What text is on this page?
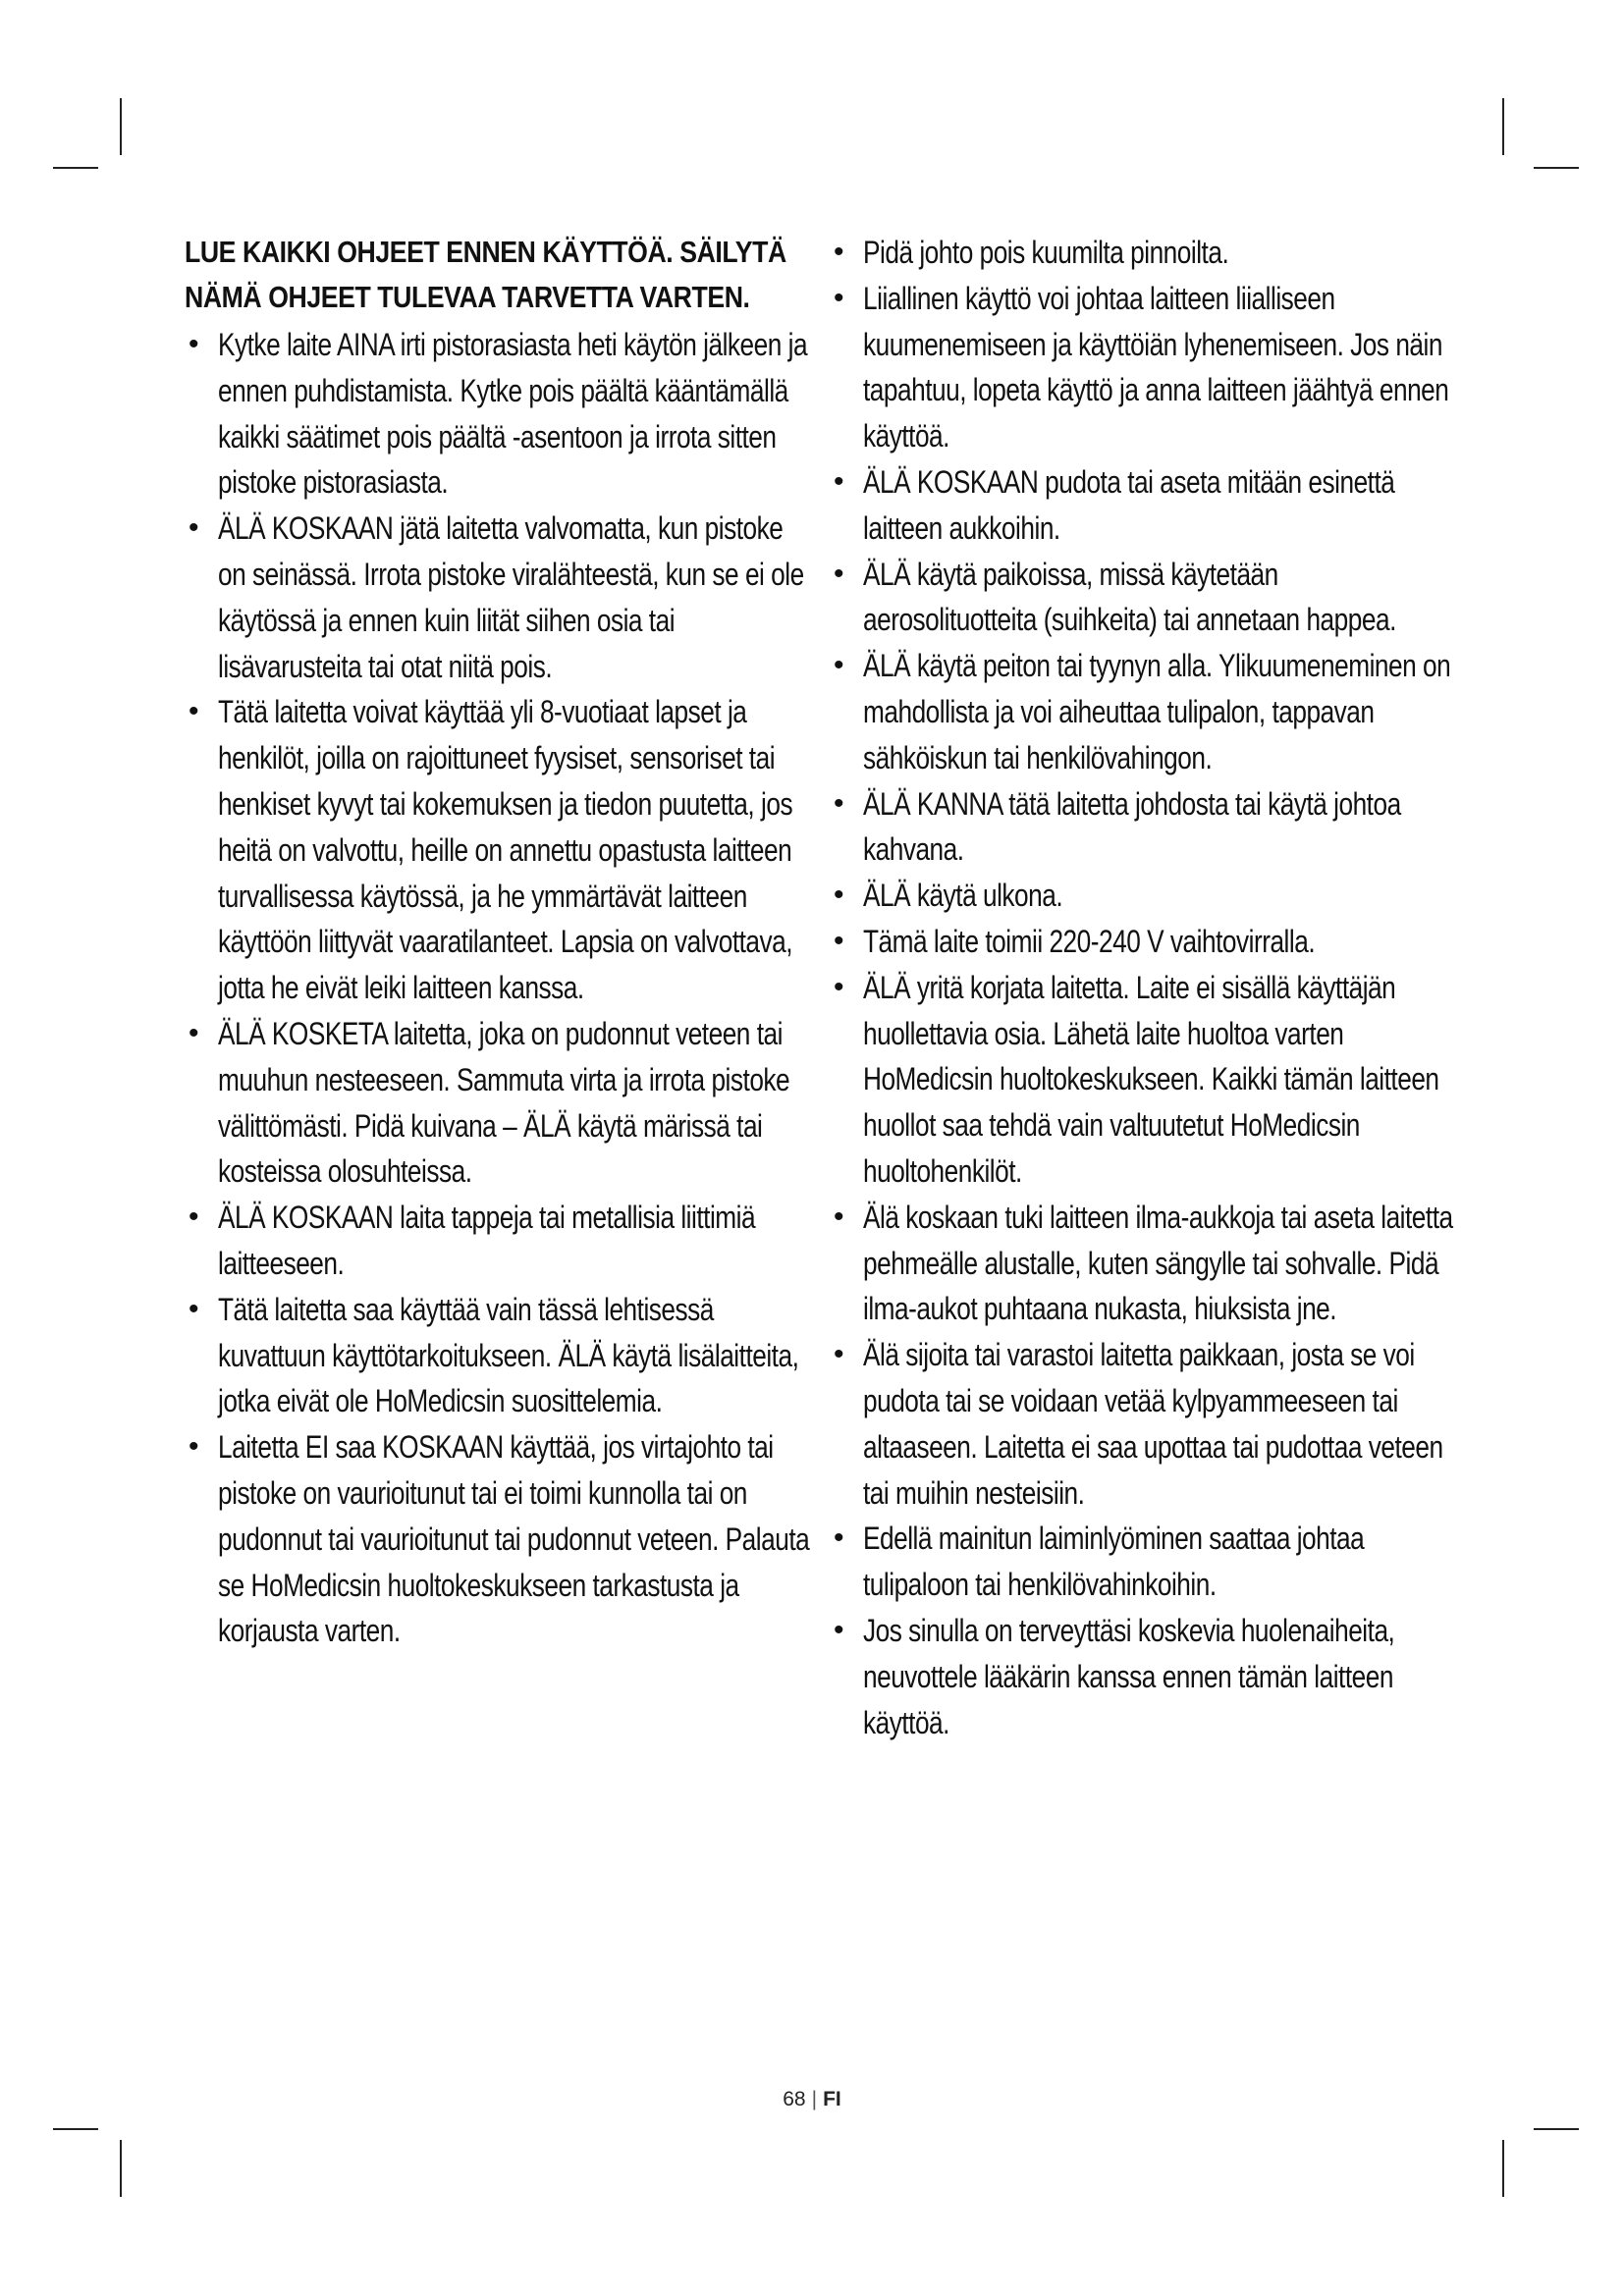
LUE KAIKKI OHJEET ENNEN KÄYTTÖÄ. SÄILYTÄ NÄMÄ OHJEET TULEVAA TARVETTA VARTEN.
• Kytke laite AINA irti pistorasiasta heti käytön jälkeen ja ennen puhdistamista. Kytke pois päältä kääntämällä kaikki säätimet pois päältä -asentoon ja irrota sitten pistoke pistorasiasta.
• ÄLÄ KOSKAAN jätä laitetta valvomatta, kun pistoke on seinässä. Irrota pistoke viralähteestä, kun se ei ole käytössä ja ennen kuin liität siihen osia tai lisävarusteita tai otat niitä pois.
• Tätä laitetta voivat käyttää yli 8-vuotiaat lapset ja henkilöt, joilla on rajoittuneet fyysiset, sensoriset tai henkiset kyvyt tai kokemuksen ja tiedon puutetta, jos heitä on valvottu, heille on annettu opastusta laitteen turvallisessa käytössä, ja he ymmärtävät laitteen käyttöön liittyvät vaaratilanteet. Lapsia on valvottava, jotta he eivät leiki laitteen kanssa.
• ÄLÄ KOSKETA laitetta, joka on pudonnut veteen tai muuhun nesteeseen. Sammuta virta ja irrota pistoke välittömästi. Pidä kuivana – ÄLÄ käytä märissä tai kosteissa olosuhteissa.
• ÄLÄ KOSKAAN laita tappeja tai metallisia liittimiä laitteeseen.
• Tätä laitetta saa käyttää vain tässä lehtisessä kuvattuun käyttötarkoitukseen. ÄLÄ käytä lisälaitteita, jotka eivät ole HoMedicsin suosittelemia.
• Laitetta EI saa KOSKAAN käyttää, jos virtajohto tai pistoke on vaurioitunut tai ei toimi kunnolla tai on pudonnut tai vaurioitunut tai pudonnut veteen. Palauta se HoMedicsin huoltokeskukseen tarkastusta ja korjausta varten.
• Pidä johto pois kuumilta pinnoilta.
• Liiallinen käyttö voi johtaa laitteen liialliseen kuumenemiseen ja käyttöiän lyhenemiseen. Jos näin tapahtuu, lopeta käyttö ja anna laitteen jäähtyä ennen käyttöä.
• ÄLÄ KOSKAAN pudota tai aseta mitään esinettä laitteen aukkoihin.
• ÄLÄ käytä paikoissa, missä käytetään aerosolituotteita (suihkeita) tai annetaan happea.
• ÄLÄ käytä peiton tai tyynyn alla. Ylikuumeneminen on mahdollista ja voi aiheuttaa tulipalon, tappavan sähköiskun tai henkilövahingon.
• ÄLÄ KANNA tätä laitetta johdosta tai käytä johtoa kahvana.
• ÄLÄ käytä ulkona.
• Tämä laite toimii 220-240 V vaihtovirralla.
• ÄLÄ yritä korjata laitetta. Laite ei sisällä käyttäjän huollettavia osia. Lähetä laite huoltoa varten HoMedicsin huoltokeskukseen. Kaikki tämän laitteen huollot saa tehdä vain valtuutetut HoMedicsin huoltohenkilöt.
• Älä koskaan tuki laitteen ilma-aukkoja tai aseta laitetta pehmeälle alustalle, kuten sängylle tai sohvalle. Pidä ilma-aukot puhtaana nukasta, hiuksista jne.
• Älä sijoita tai varastoi laitetta paikkaan, josta se voi pudota tai se voidaan vetää kylpyammeeseen tai altaaseen. Laitetta ei saa upottaa tai pudottaa veteen tai muihin nesteisiin.
• Edellä mainitun laiminlyöminen saattaa johtaa tulipaloon tai henkilövahinkoihin.
• Jos sinulla on terveyttäsi koskevia huolenaiheita, neuvottele lääkärin kanssa ennen tämän laitteen käyttöä.
68 | FI
